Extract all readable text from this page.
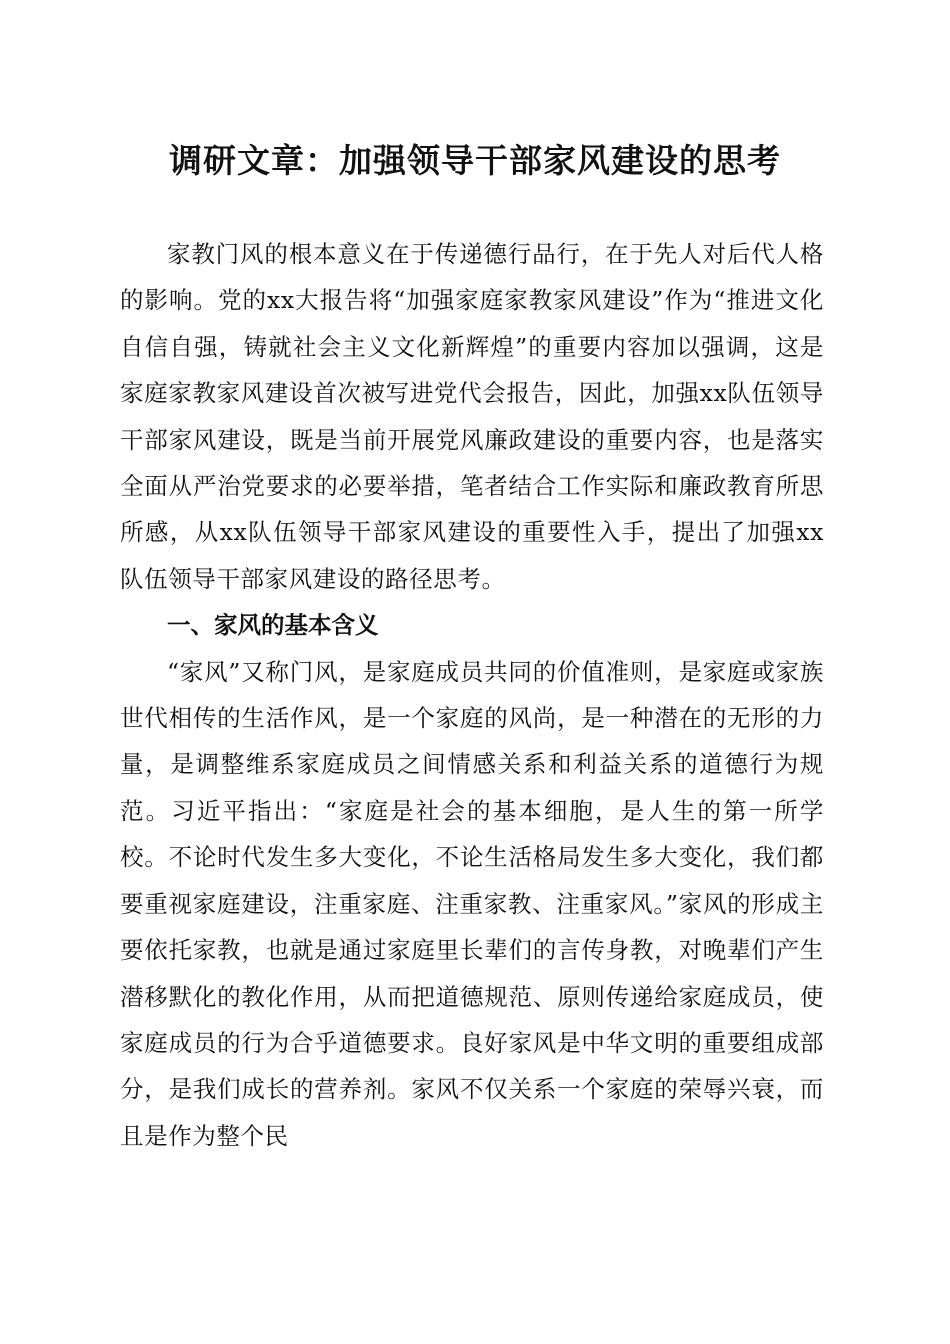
调研文章：加强领导干部家风建设的思考

家教门风的根本意义在于传递德行品行，在于先人对后代人格的影响。党的xx大报告将“加强家庭家教家风建设”作为“推进文化自信自强，铸就社会主义文化新辉煌”的重要内容加以强调，这是家庭家教家风建设首次被写进党代会报告，因此，加强xx队伍领导干部家风建设，既是当前开展党风廉政建设的重要内容，也是落实全面从严治党要求的必要举措，笔者结合工作实际和廉政教育所思所感，从xx队伍领导干部家风建设的重要性入手，提出了加强xx队伍领导干部家风建设的路径思考。

一、家风的基本含义

“家风”又称门风，是家庭成员共同的价值准则，是家庭或家族世代相传的生活作风，是一个家庭的风尚，是一种潜在的无形的力量，是调整维系家庭成员之间情感关系和利益关系的道德行为规范。习近平指出：“家庭是社会的基本细胞，是人生的第一所学校。不论时代发生多大变化，不论生活格局发生多大变化，我们都要重视家庭建设，注重家庭、注重家教、注重家风。”家风的形成主要依托家教，也就是通过家庭里长辈们的言传身教，对晚辈们产生潜移默化的教化作用，从而把道德规范、原则传递给家庭成员，使家庭成员的行为合乎道德要求。良好家风是中华文明的重要组成部分，是我们成长的营养剂。家风不仅关系一个家庭的荣辱兴衰，而且是作为整个民
